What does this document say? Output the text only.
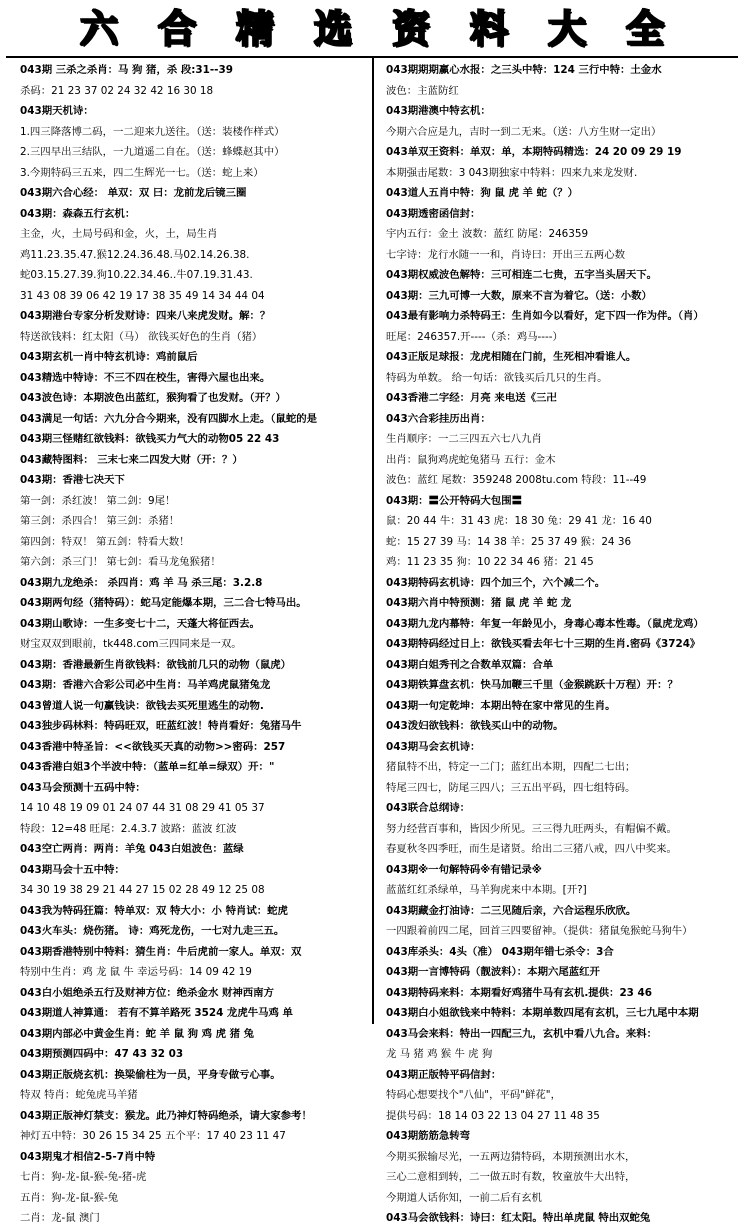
六 合 精 选 资 料 大 全
043期 三杀之杀肖：马 狗 猪，杀 段:31--39
杀码：21 23 37 02 24 32 42 16 30 18
043期天机诗：
1.四三降落博二码，一二迎来九送往。（送：装楼作样式）
2.三四早出三结队，一九道遥二自在。（送：蜂蝶赵其中）
3.今期特码三五来，四二生辉光一七。（送：蛇上来）
043期六合心经： 单双：双 曰：龙前龙后镜三圈
043期：森森五行玄机：
主金，火，土局号码和金，火，土，局生肖
鸡11.23.35.47.猴12.24.36.48.马02.14.26.38.
蛇03.15.27.39.狗10.22.34.46..牛07.19.31.43.
31 43 08 39 06 42 19 17 38 35 49 14 34 44 04
043期港台专家分析发财诗：四来八来虎发财。解：？
特送欲钱料：红太阳（马） 欲钱买好色的生肖（猪）
043期玄机一肖中特玄机诗：鸡前鼠后
043精选中特诗：不三不四在校生，害得六屋也出来。
043波色诗：本期波色出蓝红，猴狗看了也发财。（开？）
043满足一句话：六九分合今期来，没有四脚水上走。（鼠蛇的是
043期三怪赌红欲钱料：欲钱买力气大的动物05 22 43
043藏特图料： 三末七来二四发大财（开：？）
043期：香港七决天下
第一剑：杀红波！ 第二剑：9尾！
第三剑：杀四合！ 第三剑：杀猪！
第四剑：特双！ 第五剑：特看大数！
第六剑：杀三门！ 第七剑：看马龙兔猴猪！
043期九龙绝杀： 杀四肖：鸡 羊 马 杀三尾：3.2.8
043期两句经（猪特码）：蛇马定能爆本期，三二合七特马出。
043期山歌诗：一生多变七十二，天蓬大将征西去。
财宝双双到眼前，tk448.com三四同来是一双。
043期：香港最新生肖欲钱料：欲钱前几只的动物（鼠虎）
043期：香港六合彩公司必中生肖：马羊鸡虎鼠猪兔龙
043曾道人说一句赢钱诀：欲钱去买死里逃生的动物.
043独步码林料：特码旺双，旺蓝红波！特肖看好：兔猪马牛
043香港中特圣旨：<<欲钱买天真的动物>>密码：257
043香港白姐3个半波中特：（蓝单=红单=绿双）开："
043马会预测十五码中特：
14 10 48 19 09 01 24 07 44 31 08 29 41 05 37
特段：12=48 旺尾：2.4.3.7 波路：蓝波 红波
043空亡两肖：两肖：羊兔 043白姐波色：蓝绿
043期马会十五中特：
34 30 19 38 29 21 44 27 15 02 28 49 12 25 08
043我为特码狂篇：特单双：双 特大小：小 特肖试：蛇虎
043火车头：烧伤猪。 诗：鸡死龙伤，一七对九走三五。
043期香港特别中特料：猜生肖：牛后虎前一家人。单双：双
特别中生肖：鸡 龙 鼠 牛 幸运号码：14 09 42 19
043白小姐绝杀五行及财神方位：绝杀金水 财神西南方
043期道人神算通： 若有不算羊路死 3524 龙虎牛马鸡 单
043期内部必中黄金生肖：蛇 羊 鼠 狗 鸡 虎 猪 兔
043期预测四码中：47 43 32 03
043期正版烧玄机：换梁偷柱为一员，平身专做亏心事。
特双 特肖：蛇兔虎马羊猪
043期正版神灯禁支：猴龙。此乃神灯特码绝杀，请大家参考！
神灯五中特：30 26 15 34 25 五个平：17 40 23 11 47
043期鬼才相信2-5-7肖中特
七肖：狗-龙-鼠-猴-兔-猪-虎
五肖：狗-龙-鼠-猴-兔
二肖：龙-鼠 澳门
043期期期赢心水报：之三头中特：124 三行中特：土金水
波色：主蓝防红
043期港澳中特玄机：
今期六合应是九，吉时一到二无来。（送：八方生财一定出）
043单双王资料：单双：单，本期特码精选：24 20 09 29 19
本期强击尾数：3 043期独家中特料：四来九来龙发财.
043道人五肖中特：狗 鼠 虎 羊 蛇（？）
043期透密函信封：
宇内五行：金土 波数：蓝红 防尾：246359
七字诗：龙行水随一一和，肖诗曰：开出三五两心数
043期权威波色解特：三可相连二七贵，五字当头居天下。
043期：三九可博一大数，原来不言为着它。（送：小数）
043最有影响力杀特码王：生肖如今以看好，定下四一作为伴。（肖）
旺尾：246357.开----（杀：鸡马----）
043正版足球报：龙虎相随在门前，生死相冲看谁人。
特码为单数。 给一句话：欲钱买后几只的生肖。
043香港二字经：月亮 来电送《三卍
043六合彩挂历出肖：
生肖顺序：一二三四五六七八九肖
出肖：鼠狗鸡虎蛇兔猪马 五行：金木
波色：蓝红 尾数：359248 2008tu.com 特段：11--49
043期：〓公开特码大包围〓
鼠：20 44 牛：31 43 虎：18 30 兔：29 41 龙：16 40
蛇：15 27 39 马：14 38 羊：25 37 49 猴：24 36
鸡：11 23 35 狗：10 22 34 46 猪：21 45
043期特码玄机诗：四个加三个，六个减二个。
043期六肖中特预测：猪 鼠 虎 羊 蛇 龙
043期九龙内幕特：年复一年龄见小，身毒心毒本性毒。（鼠虎龙鸡）
043期特码经过日上：欲钱买看去年七十三期的生肖.密码《3724》
043期白姐秀刊之合数单双篇：合单
043期铁算盘玄机：快马加鞭三千里（金猴跳跃十万程）开：？
043期一句定乾坤：本期出特在家中常见的生肖。
043泼妇欲钱料：欲钱买山中的动物。
043期马会玄机诗：
猪鼠特不出，特定一二门；蓝红出本期，四配二七出；
特尾三四七，防尾三四八；三五出平码，四七组特码。
043联合总纲诗：
努力经营百事和，皆因少所见。三三得九旺两头，有帽偏不戴。
春夏秋冬四季旺，而生是诸贤。给出二三猪八戒，四八中奖来。
043期※一句解特码※有错记录※
蓝蓝红红杀绿单，马羊狗虎来中本期。[开?]
043期藏金打油诗：二三见随后亲，六合运程乐欣欣。
一四跟着前四二尾，回首三四要留神。（提供：猪鼠兔猴蛇马狗牛）
043库杀头：4头（准） 043期年错七杀令：3合
043期一言博特码（靓波料）：本期六尾蓝红开
043期特码来料：本期看好鸡猪牛马有玄机.提供：23 46
043期白小姐欲钱来中特料：本期单数四尾有玄机，三七九尾中本期
043马会来料：特出一四配三九，玄机中看八九合。来料：
龙 马 猪 鸡 猴 牛 虎 狗
043期正版特平码信封：
特码心想要找个"八仙"，平码"鲜花"，
提供号码：18 14 03 22 13 04 27 11 48 35
043期筋筋急转弯
今期买猴输尽光，一五两边猜特码，本期预测出水木，
三心二意相到转，二一做五时有数，牧童放牛大出特，
今期道人话你知，一前二后有玄机
043马会欲钱料：诗曰：红太阳。特出单虎鼠 特出双蛇兔
